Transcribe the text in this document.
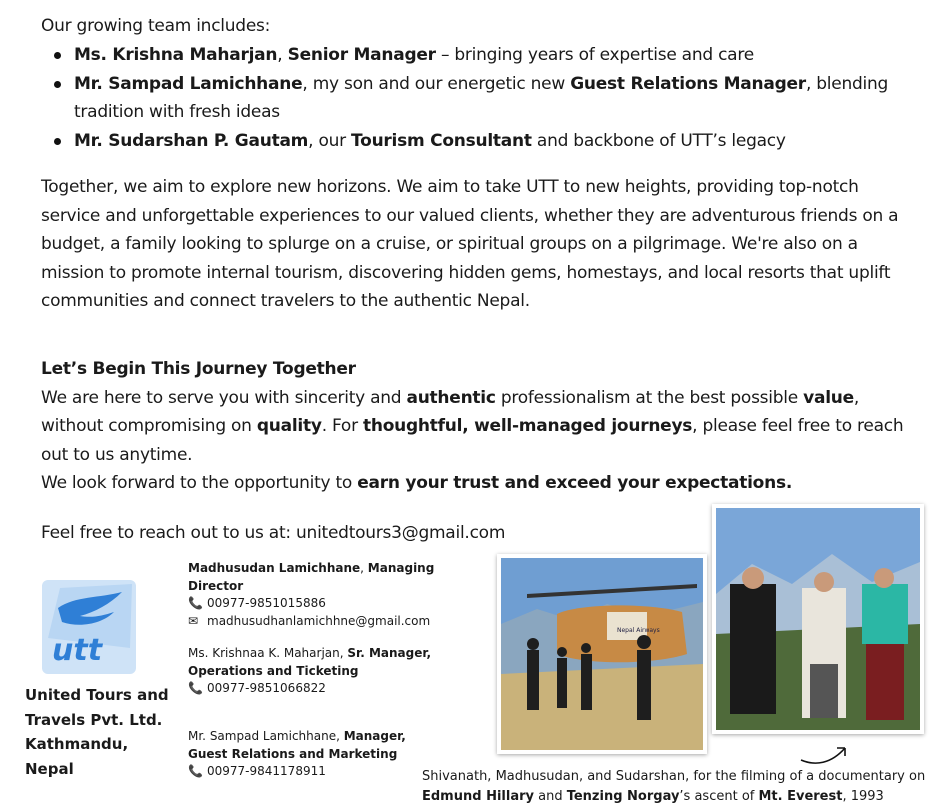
Our growing team includes:

Ms. Krishna Maharjan, Senior Manager – bringing years of expertise and care
Mr. Sampad Lamichhane, my son and our energetic new Guest Relations Manager, blending tradition with fresh ideas
Mr. Sudarshan P. Gautam, our Tourism Consultant and backbone of UTT’s legacy

Together, we aim to explore new horizons. We aim to take UTT to new heights, providing top-notch service and unforgettable experiences to our valued clients, whether they are adventurous friends on a budget, a family looking to splurge on a cruise, or spiritual groups on a pilgrimage. We're also on a mission to promote internal tourism, discovering hidden gems, homestays, and local resorts that uplift communities and connect travelers to the authentic Nepal.

Let’s Begin This Journey Together
We are here to serve you with sincerity and authentic professionalism at the best possible value, without compromising on quality. For thoughtful, well-managed journeys, please feel free to reach out to us anytime.
We look forward to the opportunity to earn your trust and exceed your expectations.

Feel free to reach out to us at: unitedtours3@gmail.com

utt
United Tours and
Travels Pvt. Ltd.
Kathmandu,
Nepal
Madhusudan Lamichhane, Managing Director
📞 00977-9851015886
✉ madhusudhanlamichhne@gmail.com
Ms. Krishnaa K. Maharjan, Sr. Manager,
Operations and Ticketing
📞 00977-9851066822
Mr. Sampad Lamichhane, Manager,
Guest Relations and Marketing
📞 00977-9841178911
Nepal Airways

Shivanath, Madhusudan, and Sudarshan, for the filming of a documentary on Edmund Hillary and Tenzing Norgay’s ascent of Mt. Everest, 1993
